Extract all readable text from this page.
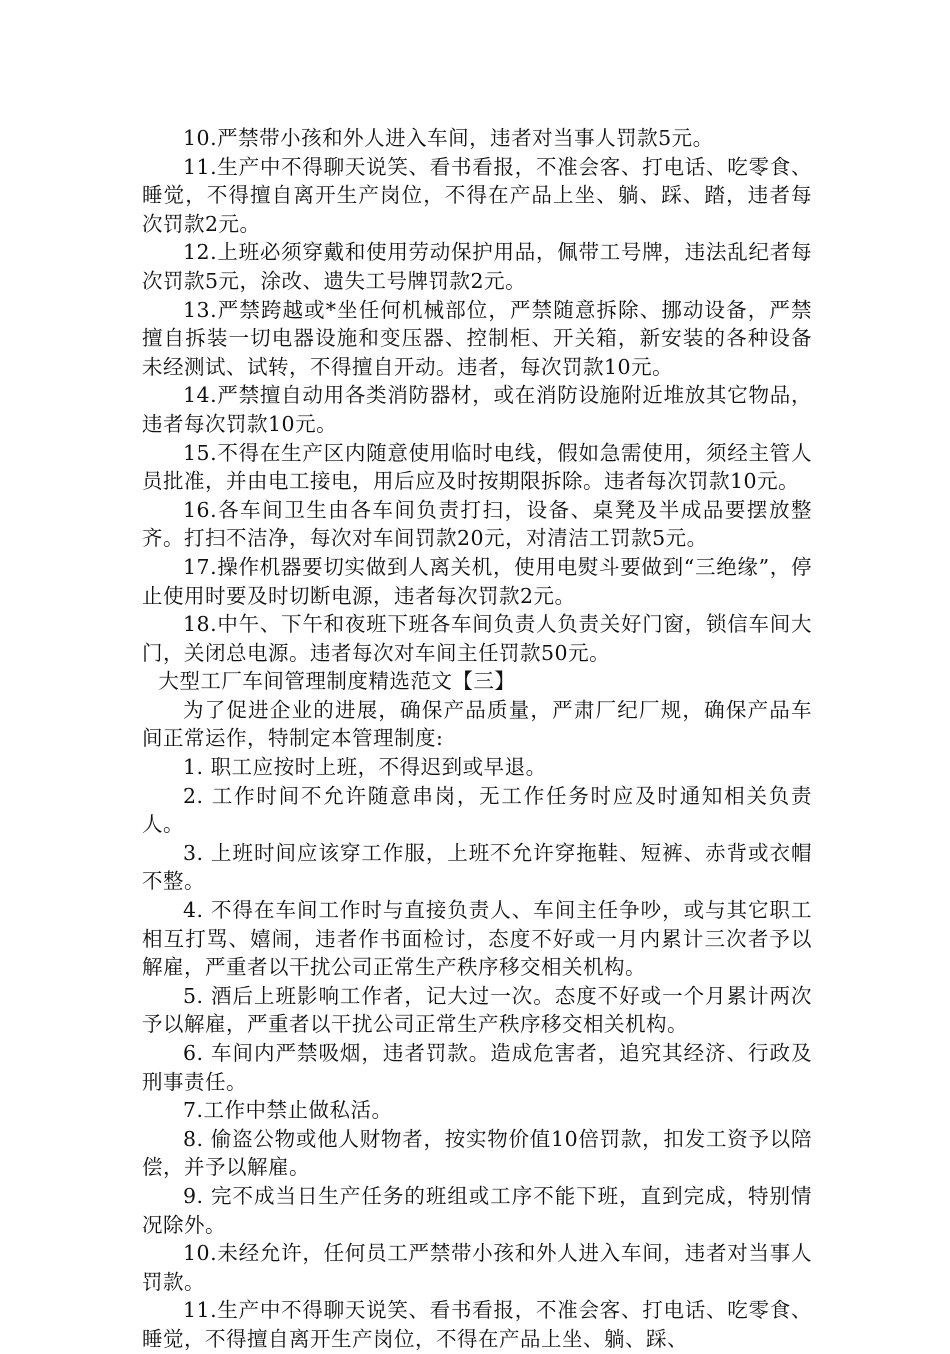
10.严禁带小孩和外人进入车间，违者对当事人罚款5元。

11.生产中不得聊天说笑、看书看报，不准会客、打电话、吃零食、睡觉，不得擅自离开生产岗位，不得在产品上坐、躺、踩、踏，违者每次罚款2元。

12.上班必须穿戴和使用劳动保护用品，佩带工号牌，违法乱纪者每次罚款5元，涂改、遗失工号牌罚款2元。

13.严禁跨越或*坐任何机械部位，严禁随意拆除、挪动设备，严禁擅自拆装一切电器设施和变压器、控制柜、开关箱，新安装的各种设备未经测试、试转，不得擅自开动。违者，每次罚款10元。

14.严禁擅自动用各类消防器材，或在消防设施附近堆放其它物品，违者每次罚款10元。

15.不得在生产区内随意使用临时电线，假如急需使用，须经主管人员批准，并由电工接电，用后应及时按期限拆除。违者每次罚款10元。

16.各车间卫生由各车间负责打扫，设备、桌凳及半成品要摆放整齐。打扫不洁净，每次对车间罚款20元，对清洁工罚款5元。

17.操作机器要切实做到人离关机，使用电熨斗要做到“三绝缘”，停止使用时要及时切断电源，违者每次罚款2元。

18.中午、下午和夜班下班各车间负责人负责关好门窗，锁信车间大门，关闭总电源。违者每次对车间主任罚款50元。

大型工厂车间管理制度精选范文【三】

为了促进企业的进展，确保产品质量，严肃厂纪厂规，确保产品车间正常运作，特制定本管理制度:

1. 职工应按时上班，不得迟到或早退。

2. 工作时间不允许随意串岗，无工作任务时应及时通知相关负责人。

3. 上班时间应该穿工作服，上班不允许穿拖鞋、短裤、赤背或衣帽不整。

4. 不得在车间工作时与直接负责人、车间主任争吵，或与其它职工相互打骂、嬉闹，违者作书面检讨，态度不好或一月内累计三次者予以解雇，严重者以干扰公司正常生产秩序移交相关机构。

5. 酒后上班影响工作者，记大过一次。态度不好或一个月累计两次予以解雇，严重者以干扰公司正常生产秩序移交相关机构。

6. 车间内严禁吸烟，违者罚款。造成危害者，追究其经济、行政及刑事责任。

7.工作中禁止做私活。

8. 偷盗公物或他人财物者，按实物价值10倍罚款，扣发工资予以陪偿，并予以解雇。

9. 完不成当日生产任务的班组或工序不能下班，直到完成，特别情况除外。

10.未经允许，任何员工严禁带小孩和外人进入车间，违者对当事人罚款。

11.生产中不得聊天说笑、看书看报，不准会客、打电话、吃零食、睡觉，不得擅自离开生产岗位，不得在产品上坐、躺、踩、
